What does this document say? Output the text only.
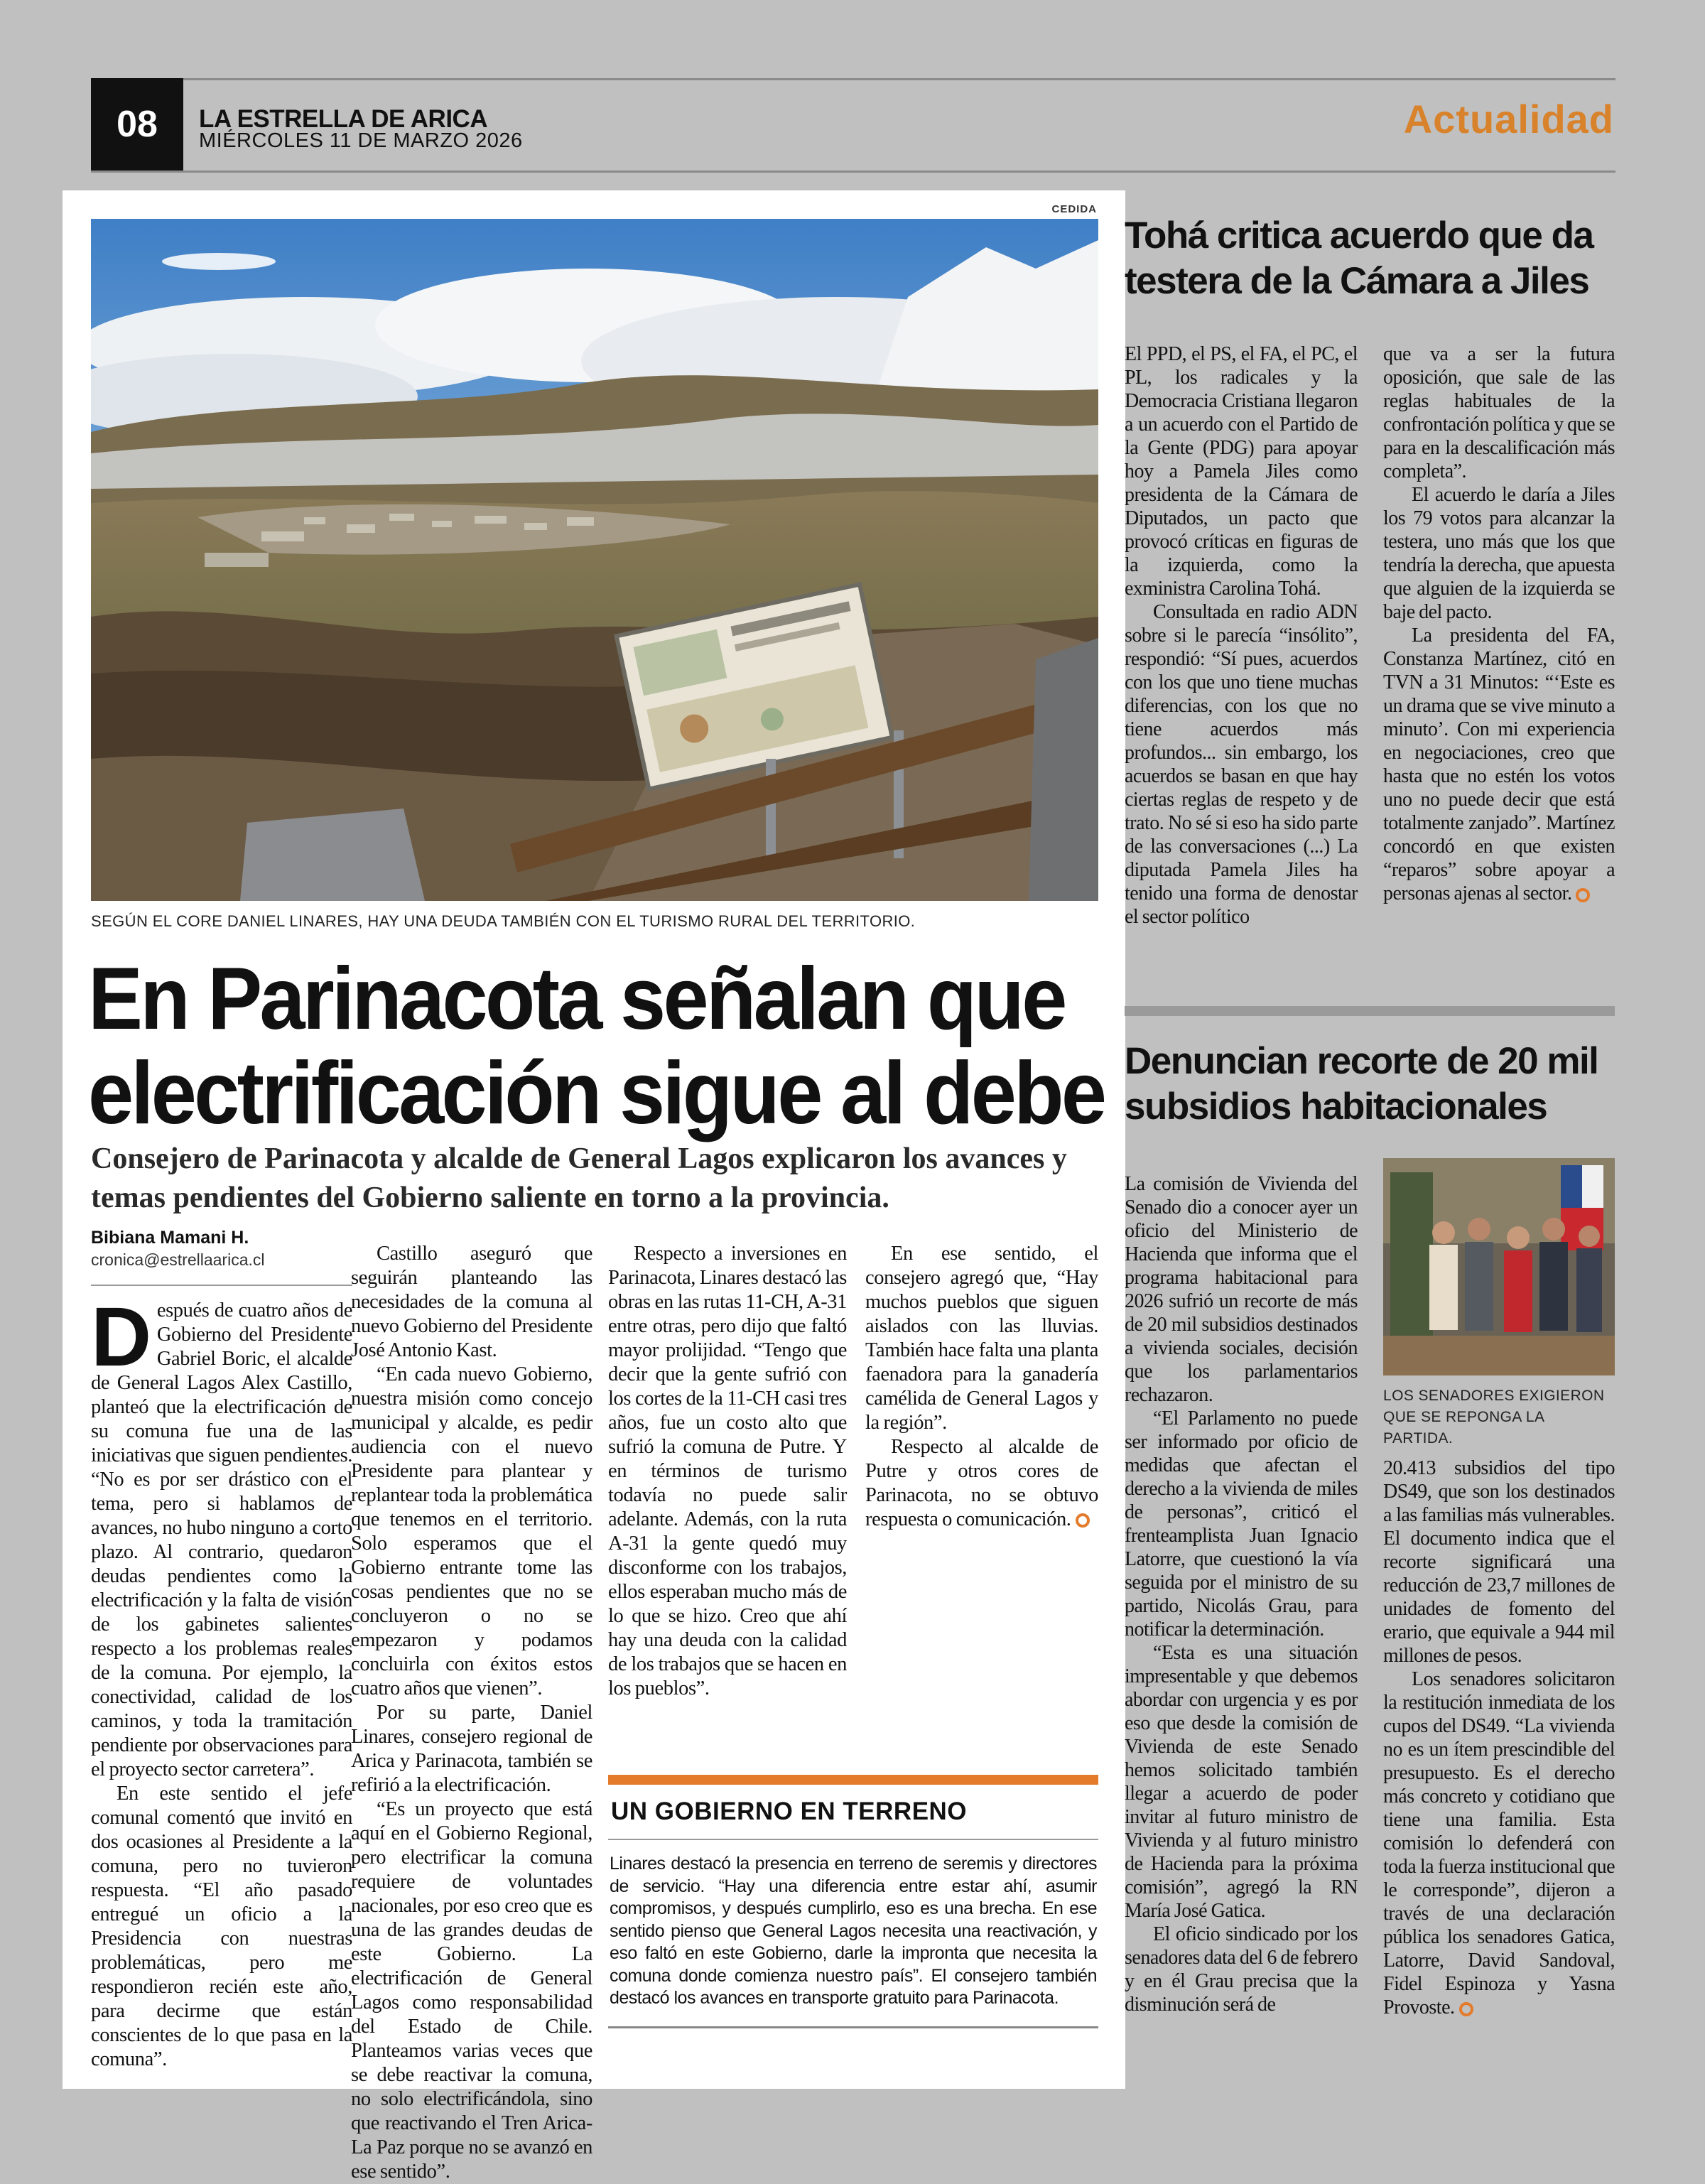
08	LA ESTRELLA DE ARICA
MIÉRCOLES 11 DE MARZO 2026	Actualidad
CEDIDA
SEGÚN EL CORE DANIEL LINARES, HAY UNA DEUDA TAMBIÉN CON EL TURISMO RURAL DEL TERRITORIO.
En Parinacota señalan que
electrificación sigue al debe
Consejero de Parinacota y alcalde de General Lagos explicaron los avances y temas pendientes del Gobierno saliente en torno a la provincia.
Bibiana Mamani H.
cronica@estrellaarica.cl

Después de cuatro años de Gobierno del Presidente Gabriel Boric, el alcalde de General Lagos Alex Castillo, planteó que la electrificación de su comuna fue una de las iniciativas que siguen pendientes. “No es por ser drástico con el tema, pero si hablamos de avances, no hubo ninguno a corto plazo. Al contrario, quedaron deudas pendientes como la electrificación y la falta de visión de los gabinetes salientes respecto a los problemas reales de la comuna. Por ejemplo, la conectividad, calidad de los caminos, y toda la tramitación pendiente por observaciones para el proyecto sector carretera”.

En este sentido el jefe comunal comentó que invitó en dos ocasiones al Presidente a la comuna, pero no tuvieron respuesta. “El año pasado entregué un oficio a la Presidencia con nuestras problemáticas, pero me respondieron recién este año, para decirme que están conscientes de lo que pasa en la comuna”.

Castillo aseguró que seguirán planteando las necesidades de la comuna al nuevo Gobierno del Presidente José Antonio Kast.

“En cada nuevo Gobierno, nuestra misión como concejo municipal y alcalde, es pedir audiencia con el nuevo Presidente para plantear y replantear toda la problemática que tenemos en el territorio. Solo esperamos que el Gobierno entrante tome las cosas pendientes que no se concluyeron o no se empezaron y podamos concluirla con éxitos estos cuatro años que vienen”.

Por su parte, Daniel Linares, consejero regional de Arica y Parinacota, también se refirió a la electrificación.

“Es un proyecto que está aquí en el Gobierno Regional, pero electrificar la comuna requiere de voluntades nacionales, por eso creo que es una de las grandes deudas de este Gobierno. La electrificación de General Lagos como responsabilidad del Estado de Chile. Planteamos varias veces que se debe reactivar la comuna, no solo electrificándola, sino que reactivando el Tren Arica-La Paz porque no se avanzó en ese sentido”.

Respecto a inversiones en Parinacota, Linares destacó las obras en las rutas 11-CH, A-31 entre otras, pero dijo que faltó mayor prolijidad. “Tengo que decir que la gente sufrió con los cortes de la 11-CH casi tres años, fue un costo alto que sufrió la comuna de Putre. Y en términos de turismo todavía no puede salir adelante. Además, con la ruta A-31 la gente quedó muy disconforme con los trabajos, ellos esperaban mucho más de lo que se hizo. Creo que ahí hay una deuda con la calidad de los trabajos que se hacen en los pueblos”.

En ese sentido, el consejero agregó que, “Hay muchos pueblos que siguen aislados con las lluvias. También hace falta una planta faenadora para la ganadería camélida de General Lagos y la región”.

Respecto al alcalde de Putre y otros cores de Parinacota, no se obtuvo respuesta o comunicación.

UN GOBIERNO EN TERRENO
Linares destacó la presencia en terreno de seremis y directores de servicio. “Hay una diferencia entre estar ahí, asumir compromisos, y después cumplirlo, eso es una brecha. En ese sentido pienso que General Lagos necesita una reactivación, y eso faltó en este Gobierno, darle la impronta que necesita la comuna donde comienza nuestro país”. El consejero también destacó los avances en transporte gratuito para Parinacota.
Tohá critica acuerdo que da testera de la Cámara a Jiles

El PPD, el PS, el FA, el PC, el PL, los radicales y la Democracia Cristiana llegaron a un acuerdo con el Partido de la Gente (PDG) para apoyar hoy a Pamela Jiles como presidenta de la Cámara de Diputados, un pacto que provocó críticas en figuras de la izquierda, como la exministra Carolina Tohá.

Consultada en radio ADN sobre si le parecía “insólito”, respondió: “Sí pues, acuerdos con los que uno tiene muchas diferencias, con los que no tiene acuerdos más profundos... sin embargo, los acuerdos se basan en que hay ciertas reglas de respeto y de trato. No sé si eso ha sido parte de las conversaciones (...) La diputada Pamela Jiles ha tenido una forma de denostar el sector político

que va a ser la futura oposición, que sale de las reglas habituales de la confrontación política y que se para en la descalificación más completa”.

El acuerdo le daría a Jiles los 79 votos para alcanzar la testera, uno más que los que tendría la derecha, que apuesta que alguien de la izquierda se baje del pacto.

La presidenta del FA, Constanza Martínez, citó en TVN a 31 Minutos: “‘Este es un drama que se vive minuto a minuto’. Con mi experiencia en negociaciones, creo que hasta que no estén los votos uno no puede decir que está totalmente zanjado”. Martínez concordó en que existen “reparos” sobre apoyar a personas ajenas al sector.

Denuncian recorte de 20 mil subsidios habitacionales

La comisión de Vivienda del Senado dio a conocer ayer un oficio del Ministerio de Hacienda que informa que el programa habitacional para 2026 sufrió un recorte de más de 20 mil subsidios destinados a vivienda sociales, decisión que los parlamentarios rechazaron.

“El Parlamento no puede ser informado por oficio de medidas que afectan el derecho a la vivienda de miles de personas”, criticó el frenteamplista Juan Ignacio Latorre, que cuestionó la vía seguida por el ministro de su partido, Nicolás Grau, para notificar la determinación.

“Esta es una situación impresentable y que debemos abordar con urgencia y es por eso que desde la comisión de Vivienda de este Senado hemos solicitado también llegar a acuerdo de poder invitar al futuro ministro de Vivienda y al futuro ministro de Hacienda para la próxima comisión”, agregó la RN María José Gatica.

El oficio sindicado por los senadores data del 6 de febrero y en él Grau precisa que la disminución será de

LOS SENADORES EXIGIERON QUE SE REPONGA LA PARTIDA.

20.413 subsidios del tipo DS49, que son los destinados a las familias más vulnerables. El documento indica que el recorte significará una reducción de 23,7 millones de unidades de fomento del erario, que equivale a 944 mil millones de pesos.

Los senadores solicitaron la restitución inmediata de los cupos del DS49. “La vivienda no es un ítem prescindible del presupuesto. Es el derecho más concreto y cotidiano que tiene una familia. Esta comisión lo defenderá con toda la fuerza institucional que le corresponde”, dijeron a través de una declaración pública los senadores Gatica, Latorre, David Sandoval, Fidel Espinoza y Yasna Provoste.
